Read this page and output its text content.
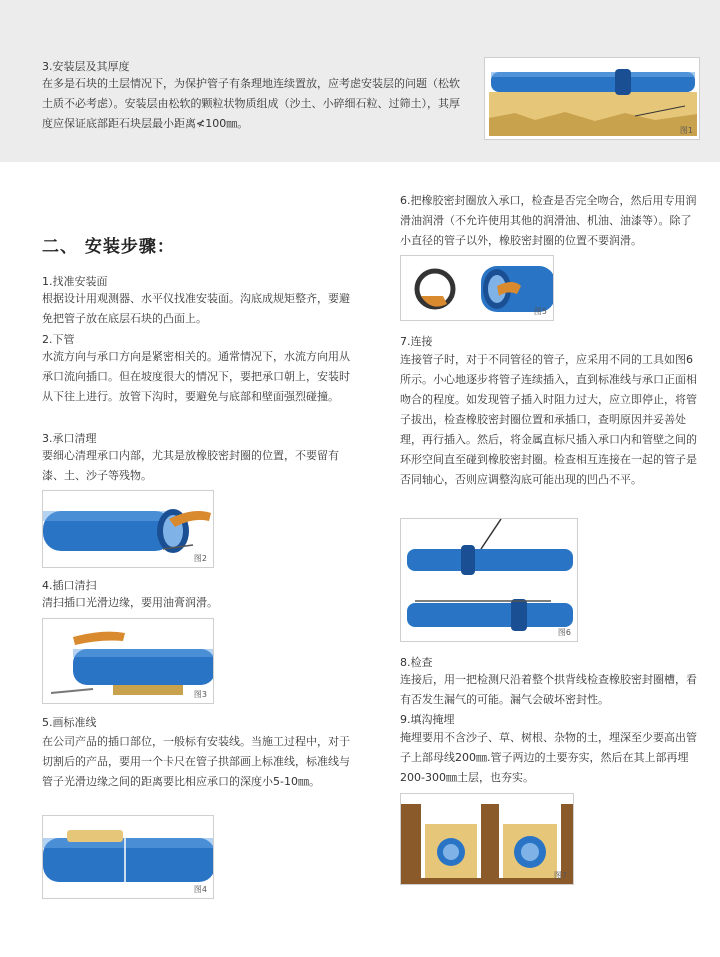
3.安装层及其厚度
在多是石块的土层情况下，为保护管子有条理地连续置放，应考虑安装层的问题（松软土质不必考虑）。安装层由松软的颗粒状物质组成（沙土、小碎细石粒、过筛土），其厚度应保证底部距石块层最小距离≮100㎜。
图1
二、 安装步骤：
1.找准安装面
根据设计用观测器、水平仪找准安装面。沟底成规矩整齐，要避免把管子放在底层石块的凸面上。
2.下管
水流方向与承口方向是紧密相关的。通常情况下，水流方向用从承口流向插口。但在坡度很大的情况下，要把承口朝上，安装时从下往上进行。放管下沟时，要避免与底部和壁面强烈碰撞。
3.承口清理
要细心清理承口内部，尤其是放橡胶密封圈的位置，不要留有漆、土、沙子等残物。
图2
4.插口清扫
清扫插口光滑边缘，要用油膏润滑。
图3
5.画标准线
在公司产品的插口部位，一般标有安装线。当施工过程中，对于切割后的产品，要用一个卡尺在管子拱部画上标准线，标准线与管子光滑边缘之间的距离要比相应承口的深度小5-10㎜。
图4
6.把橡胶密封圈放入承口，检查是否完全吻合，然后用专用润滑油润滑（不允许使用其他的润滑油、机油、油漆等）。除了小直径的管子以外，橡胶密封圈的位置不要润滑。
图5
7.连接
连接管子时，对于不同管径的管子，应采用不同的工具如图6所示。小心地逐步将管子连续插入，直到标准线与承口正面相吻合的程度。如发现管子插入时阻力过大，应立即停止，将管子拔出，检查橡胶密封圈位置和承插口，查明原因并妥善处理，再行插入。然后，将金属直标尺插入承口内和管壁之间的环形空间直至碰到橡胶密封圈。检查相互连接在一起的管子是否同轴心，否则应调整沟底可能出现的凹凸不平。
图6
8.检查
连接后，用一把检测尺沿着整个拱背线检查橡胶密封圈槽，看有否发生漏气的可能。漏气会破坏密封性。
9.填沟掩埋
掩埋要用不含沙子、草、树根、杂物的土，埋深至少要高出管子上部母线200㎜.管子两边的土要夯实，然后在其上部再埋200-300㎜土层，也夯实。
图7
